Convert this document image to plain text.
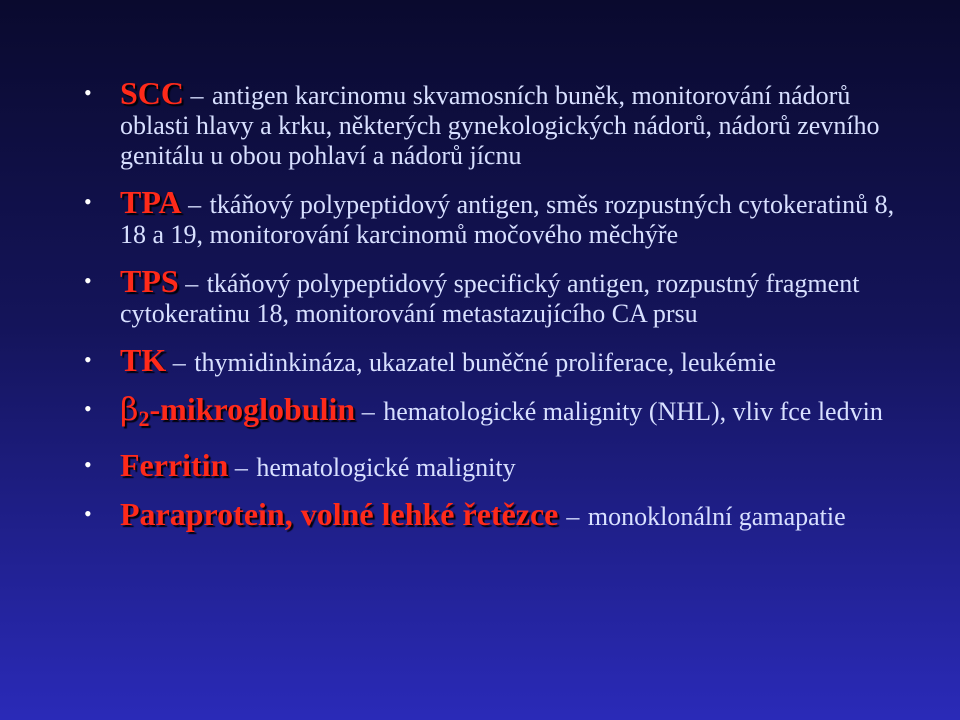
• SCC – antigen karcinomu skvamosních buněk, monitorování nádorů oblasti hlavy a krku, některých gynekologických nádorů, nádorů zevního genitálu u obou pohlaví a nádorů jícnu
• TPA – tkáňový polypeptidový antigen, směs rozpustných cytokeratinů 8, 18 a 19, monitorování karcinomů močového měchýře
• TPS – tkáňový polypeptidový specifický antigen, rozpustný fragment cytokeratinu 18, monitorování metastazujícího CA prsu
• TK – thymidinkináza, ukazatel buněčné proliferace, leukémie
• $\beta_2$-mikroglobulin – hematologické malignity (NHL), vliv fce ledvin
• Ferritin – hematologické malignity
• Paraprotein, volné lehké řetězce – monoklonální gamapatie
